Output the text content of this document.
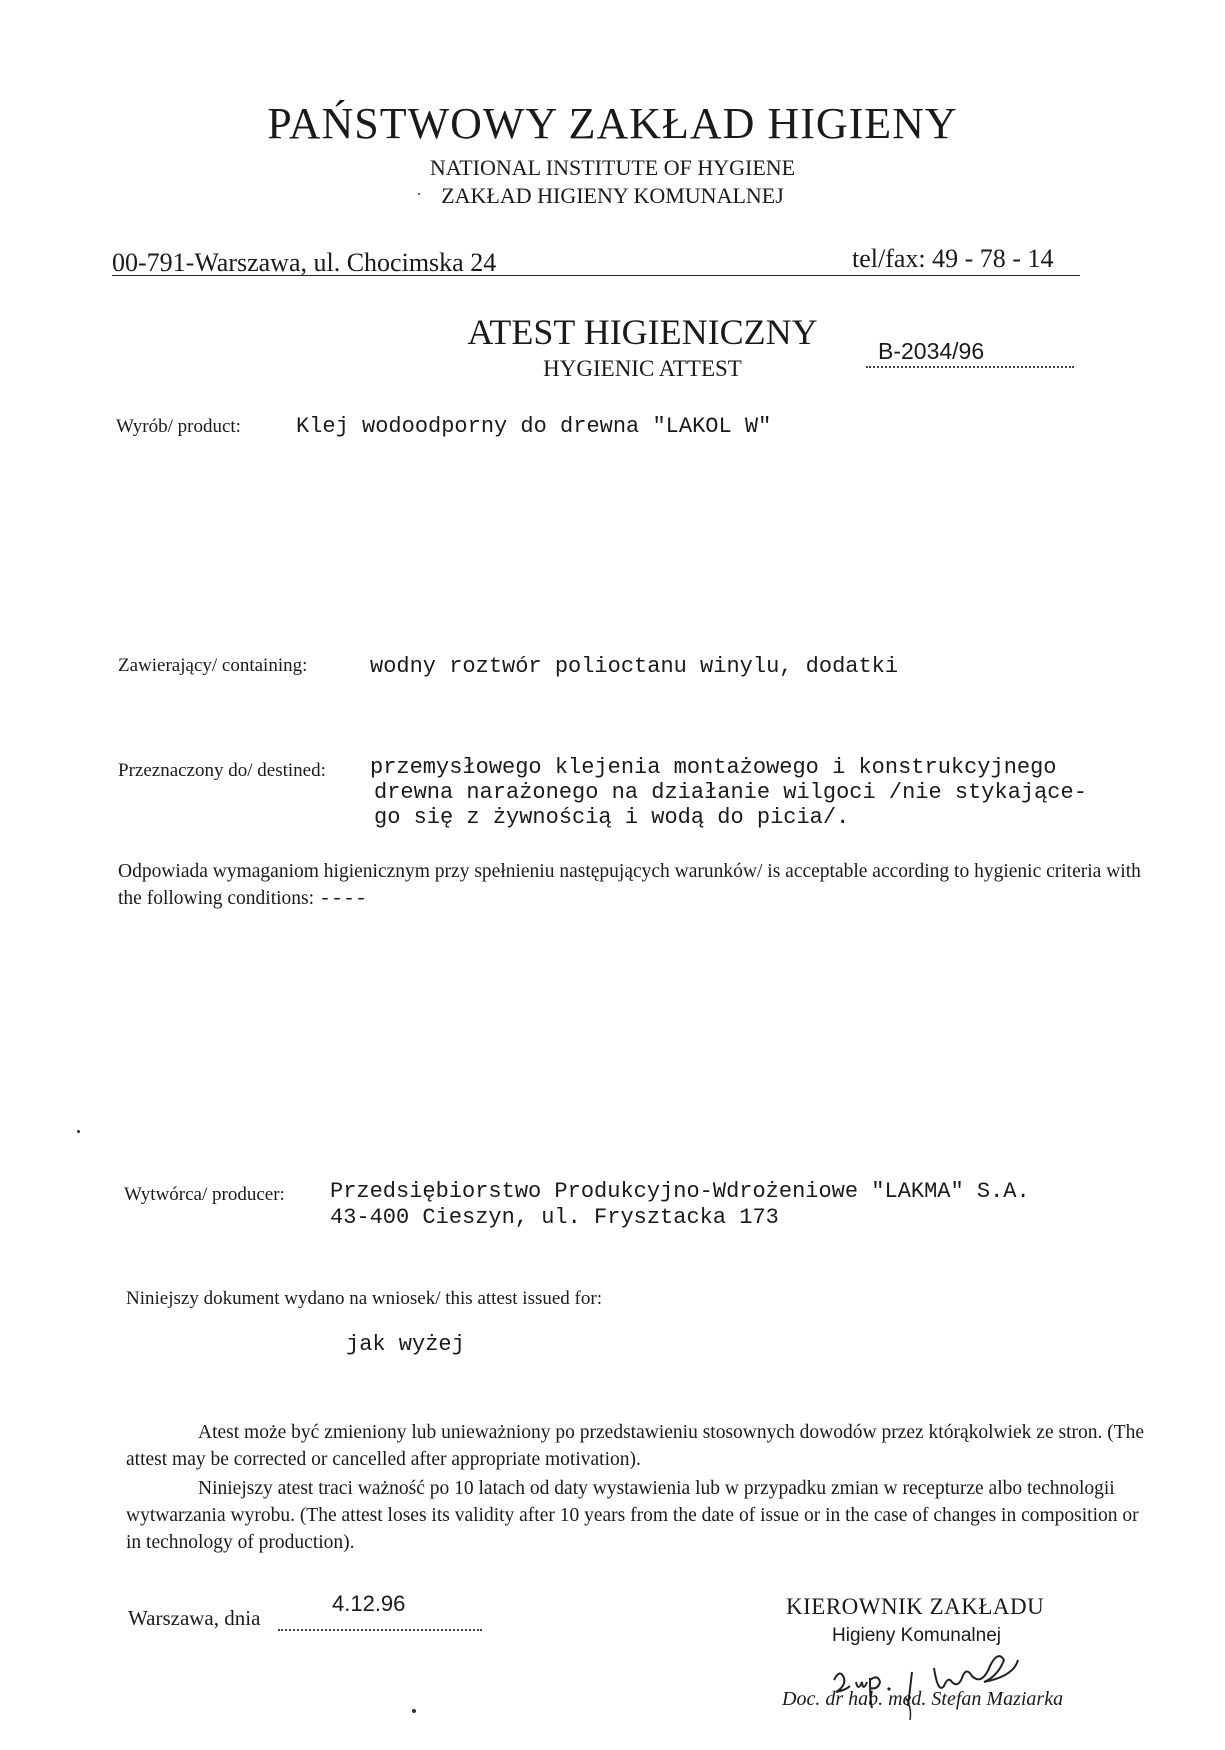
PAŃSTWOWY ZAKŁAD HIGIENY
NATIONAL INSTITUTE OF HYGIENE
ZAKŁAD HIGIENY KOMUNALNEJ
00-791-Warszawa, ul. Chocimska 24	tel/fax: 49 - 78 - 14
ATEST HIGIENICZNY
HYGIENIC ATTEST
B-2034/96
Wyrób/ product:	Klej wodoodporny do drewna "LAKOL W"
Zawierający/ containing:	wodny roztwór polioctanu winylu, dodatki
Przeznaczony do/ destined: przemysłowego klejenia montażowego i konstrukcyjnego
drewna narażonego na działanie wilgoci /nie stykające-
go się z żywnością i wodą do picia/.
Odpowiada wymaganiom higienicznym przy spełnieniu następujących warunków/ is acceptable according to hygienic criteria with the following conditions: ----
Wytwórca/ producer: Przedsiębiorstwo Produkcyjno-Wdrożeniowe "LAKMA" S.A.
43-400 Cieszyn, ul. Frysztacka 173
Niniejszy dokument wydano na wniosek/ this attest issued for:
jak wyżej
Atest może być zmieniony lub unieważniony po przedstawieniu stosownych dowodów przez którąkolwiek ze stron. (The attest may be corrected or cancelled after appropriate motivation).
Niniejszy atest traci ważność po 10 latach od daty wystawienia lub w przypadku zmian w recepturze albo technologii wytwarzania wyrobu. (The attest loses its validity after 10 years from the date of issue or in the case of changes in composition or in technology of production).
Warszawa, dnia
4.12.96	KIEROWNIK ZAKŁADU
Higieny Komunalnej
Doc. dr hab. med. Stefan Maziarka
